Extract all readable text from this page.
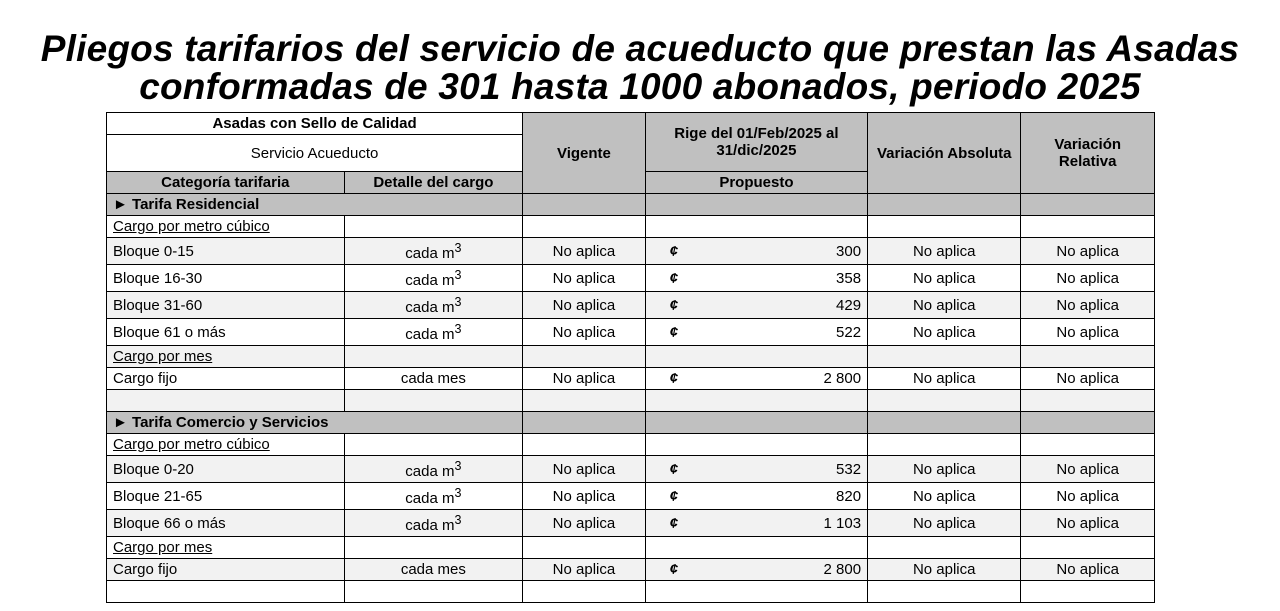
Pliegos tarifarios del servicio de acueducto que prestan las Asadas
conformadas de 301 hasta 1000 abonados, periodo 2025
Asadas con Sello de Calidad		Vigente	Rige del 01/Feb/2025 al 31/dic/2025		Variación Absoluta	Variación Relativa
Servicio Acueducto						
Categoría tarifaria	Detalle del cargo		Propuesto			
► Tarifa Residencial						
Cargo por metro cúbico						
Bloque 0-15	cada $m^3$	No aplica	¢	300	No aplica	No aplica
Bloque 16-30	cada $m^3$	No aplica	¢	358	No aplica	No aplica
Bloque 31-60	cada $m^3$	No aplica	¢	429	No aplica	No aplica
Bloque 61 o más	cada $m^3$	No aplica	¢	522	No aplica	No aplica
Cargo por mes						
Cargo fijo	cada mes	No aplica	¢	2 800	No aplica	No aplica

► Tarifa Comercio y Servicios						
Cargo por metro cúbico						
Bloque 0-20	cada $m^3$	No aplica	¢	532	No aplica	No aplica
Bloque 21-65	cada $m^3$	No aplica	¢	820	No aplica	No aplica
Bloque 66 o más	cada $m^3$	No aplica	¢	1 103	No aplica	No aplica
Cargo por mes						
Cargo fijo	cada mes	No aplica	¢	2 800	No aplica	No aplica
